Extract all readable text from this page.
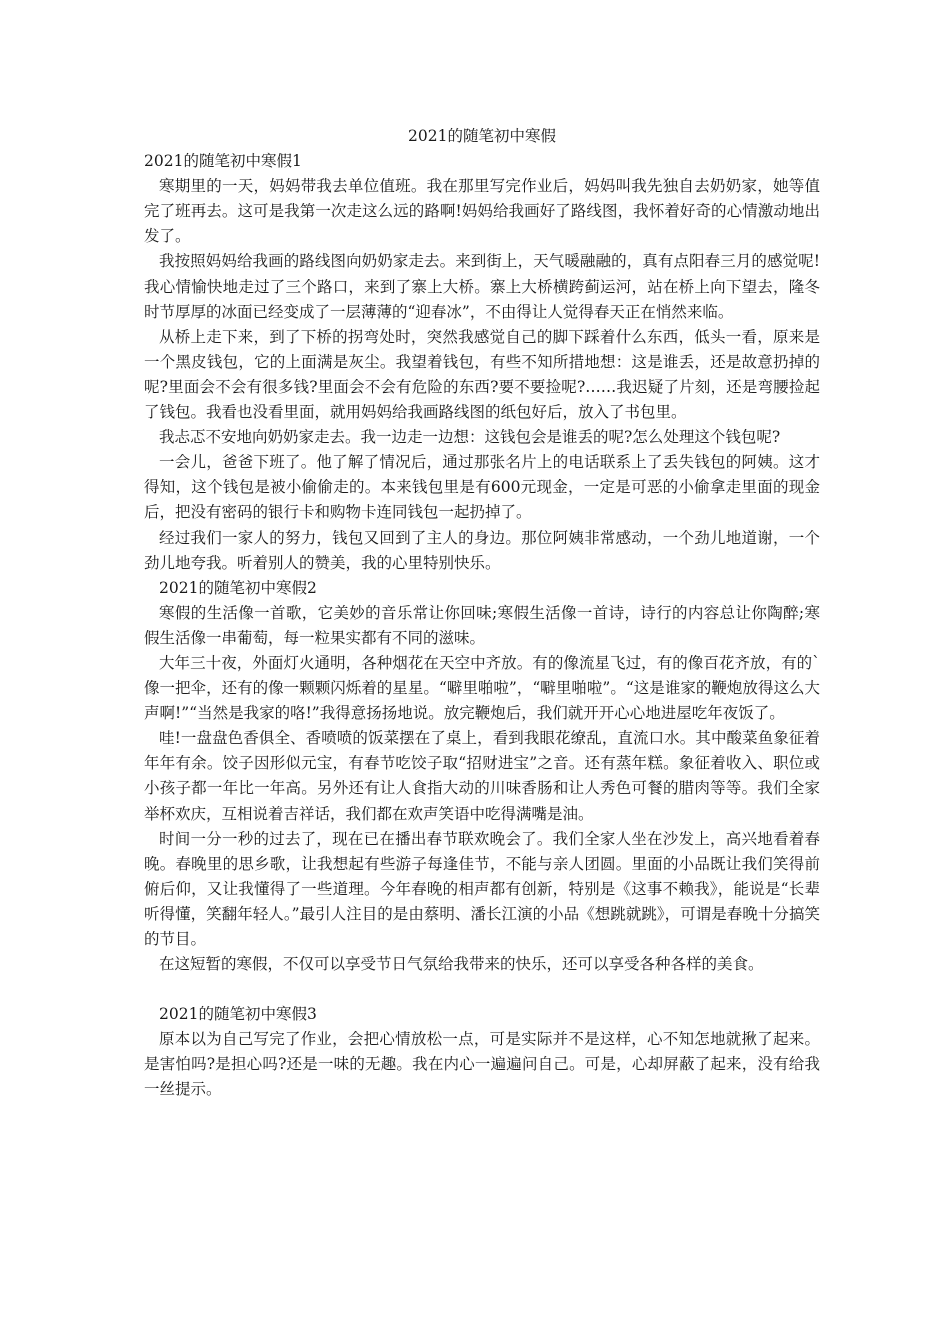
2021的随笔初中寒假

2021的随笔初中寒假1

寒期里的一天，妈妈带我去单位值班。我在那里写完作业后，妈妈叫我先独自去奶奶家，她等值完了班再去。这可是我第一次走这么远的路啊!妈妈给我画好了路线图，我怀着好奇的心情激动地出发了。

我按照妈妈给我画的路线图向奶奶家走去。来到街上，天气暖融融的，真有点阳春三月的感觉呢!我心情愉快地走过了三个路口，来到了寨上大桥。寨上大桥横跨蓟运河，站在桥上向下望去，隆冬时节厚厚的冰面已经变成了一层薄薄的“迎春冰”，不由得让人觉得春天正在悄然来临。

从桥上走下来，到了下桥的拐弯处时，突然我感觉自己的脚下踩着什么东西，低头一看，原来是一个黑皮钱包，它的上面满是灰尘。我望着钱包，有些不知所措地想：这是谁丢，还是故意扔掉的呢?里面会不会有很多钱?里面会不会有危险的东西?要不要捡呢?……我迟疑了片刻，还是弯腰捡起了钱包。我看也没看里面，就用妈妈给我画路线图的纸包好后，放入了书包里。

我忐忑不安地向奶奶家走去。我一边走一边想：这钱包会是谁丢的呢?怎么处理这个钱包呢?

一会儿，爸爸下班了。他了解了情况后，通过那张名片上的电话联系上了丢失钱包的阿姨。这才得知，这个钱包是被小偷偷走的。本来钱包里是有600元现金，一定是可恶的小偷拿走里面的现金后，把没有密码的银行卡和购物卡连同钱包一起扔掉了。

经过我们一家人的努力，钱包又回到了主人的身边。那位阿姨非常感动，一个劲儿地道谢，一个劲儿地夸我。听着别人的赞美，我的心里特别快乐。

2021的随笔初中寒假2

寒假的生活像一首歌，它美妙的音乐常让你回味;寒假生活像一首诗，诗行的内容总让你陶醉;寒假生活像一串葡萄，每一粒果实都有不同的滋味。

大年三十夜，外面灯火通明，各种烟花在天空中齐放。有的像流星飞过，有的像百花齐放，有的`像一把伞，还有的像一颗颗闪烁着的星星。“噼里啪啦”，“噼里啪啦”。“这是谁家的鞭炮放得这么大声啊!”“当然是我家的咯!”我得意扬扬地说。放完鞭炮后，我们就开开心心地进屋吃年夜饭了。

哇!一盘盘色香俱全、香喷喷的饭菜摆在了桌上，看到我眼花缭乱，直流口水。其中酸菜鱼象征着年年有余。饺子因形似元宝，有春节吃饺子取“招财进宝”之音。还有蒸年糕。象征着收入、职位或小孩子都一年比一年高。另外还有让人食指大动的川味香肠和让人秀色可餐的腊肉等等。我们全家举杯欢庆，互相说着吉祥话，我们都在欢声笑语中吃得满嘴是油。

时间一分一秒的过去了，现在已在播出春节联欢晚会了。我们全家人坐在沙发上，高兴地看着春晚。春晚里的思乡歌，让我想起有些游子每逢佳节，不能与亲人团圆。里面的小品既让我们笑得前俯后仰，又让我懂得了一些道理。今年春晚的相声都有创新，特别是《这事不赖我》，能说是“长辈听得懂，笑翻年轻人。”最引人注目的是由蔡明、潘长江演的小品《想跳就跳》，可谓是春晚十分搞笑的节目。

在这短暂的寒假，不仅可以享受节日气氛给我带来的快乐，还可以享受各种各样的美食。

2021的随笔初中寒假3

原本以为自己写完了作业，会把心情放松一点，可是实际并不是这样，心不知怎地就揪了起来。是害怕吗?是担心吗?还是一味的无趣。我在内心一遍遍问自己。可是，心却屏蔽了起来，没有给我一丝提示。
